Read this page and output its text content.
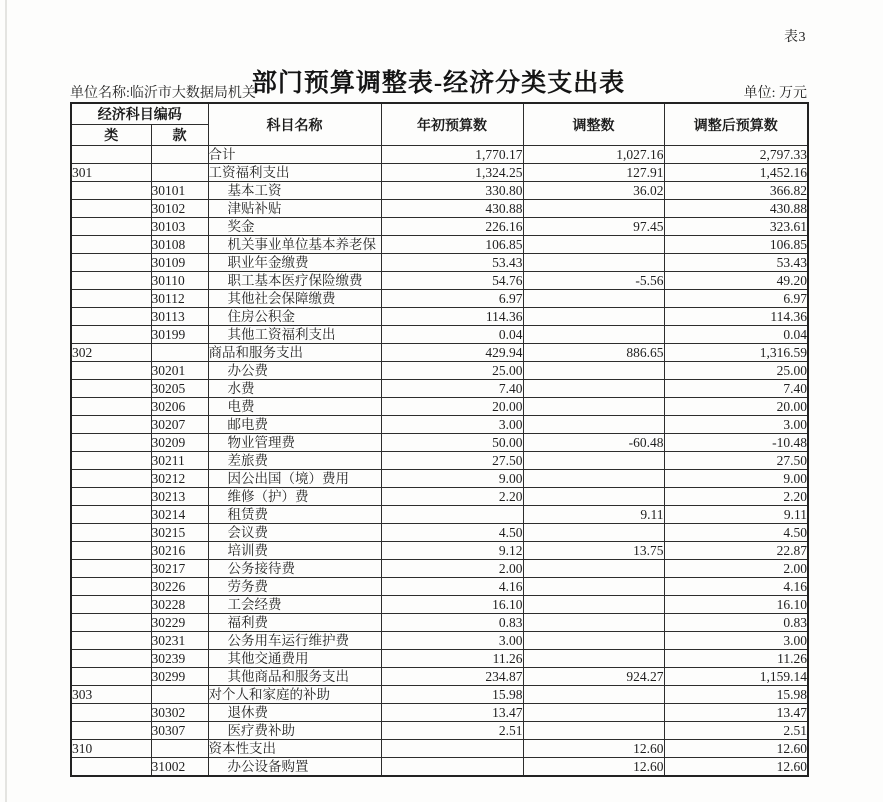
表3
部门预算调整表-经济分类支出表
单位名称:临沂市大数据局机关	单位: 万元
经济科目编码		科目名称	年初预算数	调整数	调整后预算数
类	款				
		合计	1,770.17	1,027.16	2,797.33
301		工资福利支出	1,324.25	127.91	1,452.16
	30101	基本工资	330.80	36.02	366.82
	30102	津贴补贴	430.88		430.88
	30103	奖金	226.16	97.45	323.61
	30108	机关事业单位基本养老保	106.85		106.85
	30109	职业年金缴费	53.43		53.43
	30110	职工基本医疗保险缴费	54.76	-5.56	49.20
	30112	其他社会保障缴费	6.97		6.97
	30113	住房公积金	114.36		114.36
	30199	其他工资福利支出	0.04		0.04
302		商品和服务支出	429.94	886.65	1,316.59
	30201	办公费	25.00		25.00
	30205	水费	7.40		7.40
	30206	电费	20.00		20.00
	30207	邮电费	3.00		3.00
	30209	物业管理费	50.00	-60.48	-10.48
	30211	差旅费	27.50		27.50
	30212	因公出国（境）费用	9.00		9.00
	30213	维修（护）费	2.20		2.20
	30214	租赁费		9.11	9.11
	30215	会议费	4.50		4.50
	30216	培训费	9.12	13.75	22.87
	30217	公务接待费	2.00		2.00
	30226	劳务费	4.16		4.16
	30228	工会经费	16.10		16.10
	30229	福利费	0.83		0.83
	30231	公务用车运行维护费	3.00		3.00
	30239	其他交通费用	11.26		11.26
	30299	其他商品和服务支出	234.87	924.27	1,159.14
303		对个人和家庭的补助	15.98		15.98
	30302	退休费	13.47		13.47
	30307	医疗费补助	2.51		2.51
310		资本性支出		12.60	12.60
	31002	办公设备购置		12.60	12.60
